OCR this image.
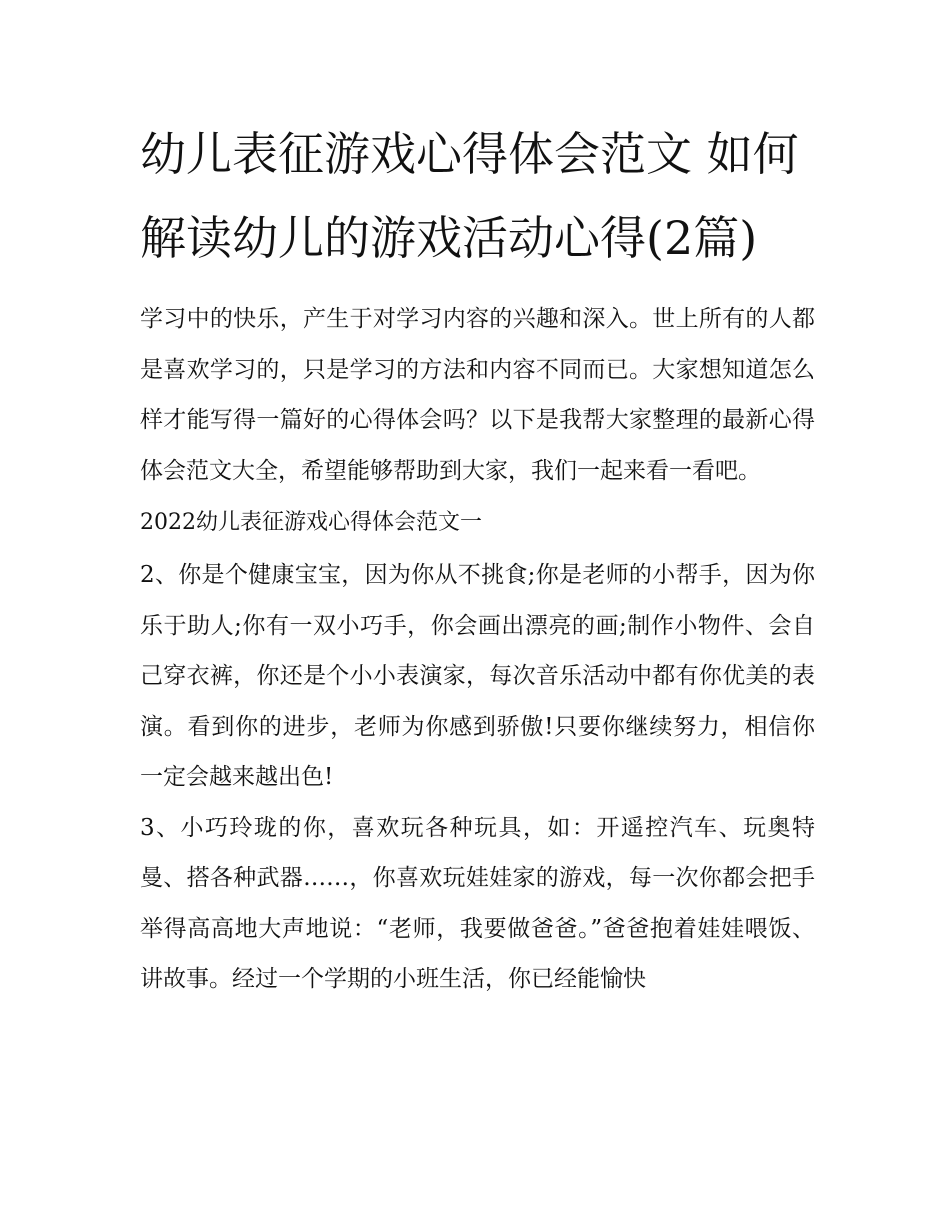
幼儿表征游戏心得体会范文 如何解读幼儿的游戏活动心得(2篇)

学习中的快乐，产生于对学习内容的兴趣和深入。世上所有的人都是喜欢学习的，只是学习的方法和内容不同而已。大家想知道怎么样才能写得一篇好的心得体会吗？以下是我帮大家整理的最新心得体会范文大全，希望能够帮助到大家，我们一起来看一看吧。

2022幼儿表征游戏心得体会范文一

2、你是个健康宝宝，因为你从不挑食;你是老师的小帮手，因为你乐于助人;你有一双小巧手，你会画出漂亮的画;制作小物件、会自己穿衣裤，你还是个小小表演家，每次音乐活动中都有你优美的表演。看到你的进步，老师为你感到骄傲!只要你继续努力，相信你一定会越来越出色!

3、小巧玲珑的你，喜欢玩各种玩具，如：开遥控汽车、玩奥特曼、搭各种武器……，你喜欢玩娃娃家的游戏，每一次你都会把手举得高高地大声地说：“老师，我要做爸爸。”爸爸抱着娃娃喂饭、讲故事。经过一个学期的小班生活，你已经能愉快
